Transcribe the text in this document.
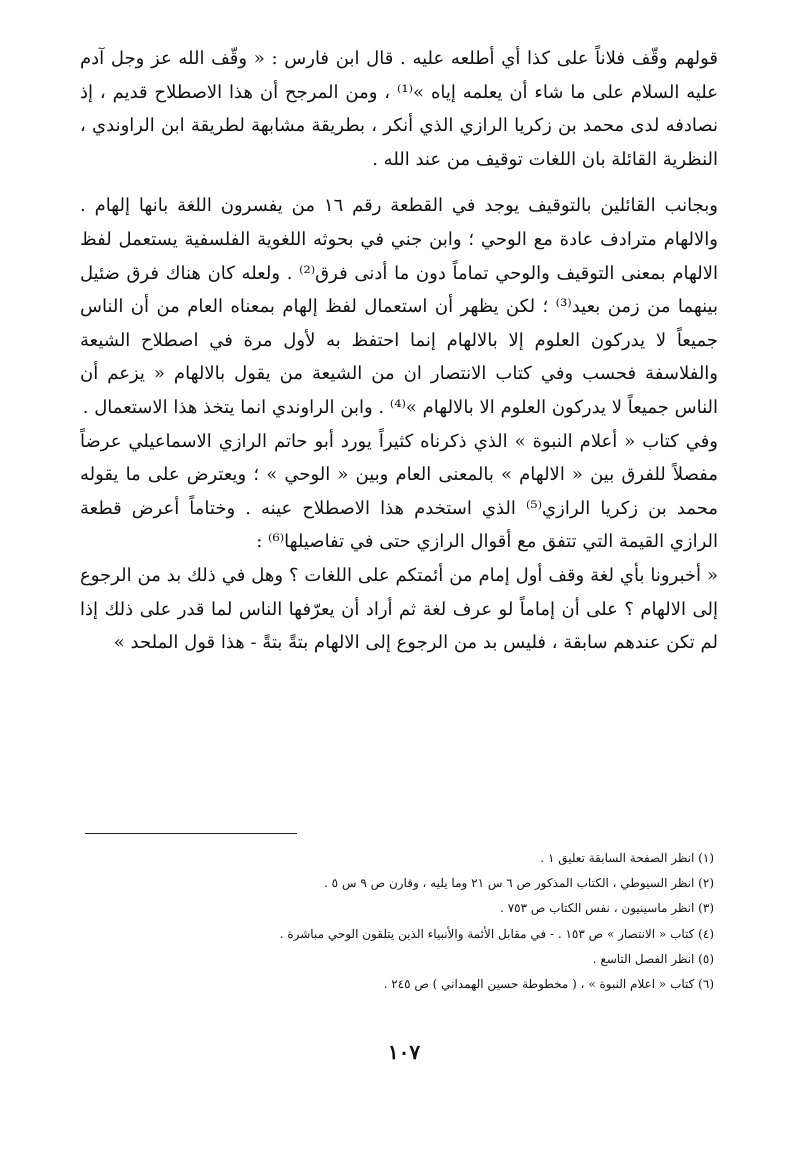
قولهم وقّف فلاناً على كذا أي أطلعه عليه . قال ابن فارس : « وقّف الله عز وجل آدم عليه السلام على ما شاء أن يعلمه إياه »⁽¹⁾ ، ومن المرجح أن هذا الاصطلاح قديم ، إذ نصادفه لدى محمد بن زكريا الرازي الذي أنكر ، بطريقة مشابهة لطريقة ابن الراوندي ، النظرية القائلة بان اللغات توقيف من عند الله .

وبجانب القائلين بالتوقيف يوجد في القطعة رقم ١٦ من يفسرون اللغة بانها إلهام . والالهام مترادف عادة مع الوحي ؛ وابن جني في بحوثه اللغوية الفلسفية يستعمل لفظ الالهام بمعنى التوقيف والوحي تماماً دون ما أدنى فرق⁽²⁾ . ولعله كان هناك فرق ضئيل بينهما من زمن بعيد⁽³⁾ ؛ لكن يظهر أن استعمال لفظ إلهام بمعناه العام من أن الناس جميعاً لا يدركون العلوم إلا بالالهام إنما احتفظ به لأول مرة في اصطلاح الشيعة والفلاسفة فحسب وفي كتاب الانتصار ان من الشيعة من يقول بالالهام « يزعم أن الناس جميعاً لا يدركون العلوم الا بالالهام »⁽⁴⁾ . وابن الراوندي انما يتخذ هذا الاستعمال .

وفي كتاب « أعلام النبوة » الذي ذكرناه كثيراً يورد أبو حاتم الرازي الاسماعيلي عرضاً مفصلاً للفرق بين « الالهام » بالمعنى العام وبين « الوحي » ؛ ويعترض على ما يقوله محمد بن زكريا الرازي⁽⁵⁾ الذي استخدم هذا الاصطلاح عينه . وختاماً أعرض قطعة الرازي القيمة التي تتفق مع أقوال الرازي حتى في تفاصيلها⁽⁶⁾ :

« أخبرونا بأي لغة وقف أول إمام من أئمتكم على اللغات ؟ وهل في ذلك بد من الرجوع إلى الالهام ؟ على أن إماماً لو عرف لغة ثم أراد أن يعرّفها الناس لما قدر على ذلك إذا لم تكن عندهم سابقة ، فليس بد من الرجوع إلى الالهام بتةً بتةً - هذا قول الملحد »

(١) انظر الصفحة السابقة تعليق ١ .
(٢) انظر السيوطي ، الكتاب المذكور ص ٦ س ٢١ وما يليه ، وقارن ص ٩ س ٥ .
(٣) انظر ماسينيون ، نفس الكتاب ص ٧٥٣ .
(٤) كتاب « الانتصار » ص ١٥٣ . - في مقابل الأئمة والأنبياء الذين يتلقون الوحي مباشرة .
(٥) انظر الفصل التاسع .
(٦) كتاب « اعلام النبوة » ، ( مخطوطة حسين الهمداني ) ص ٢٤٥ .
١٠٧
